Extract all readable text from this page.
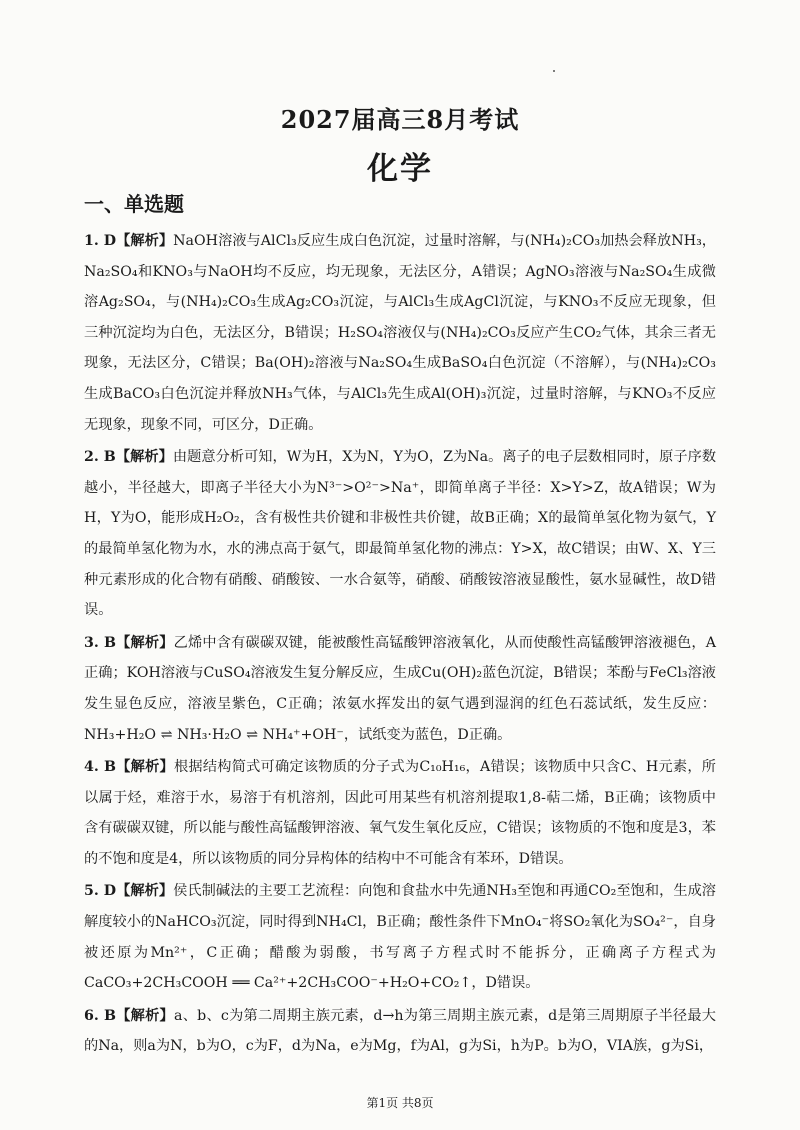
2027届高三8月考试
化学
一、单选题

1. D【解析】NaOH溶液与AlCl₃反应生成白色沉淀，过量时溶解，与(NH₄)₂CO₃加热会释放NH₃，Na₂SO₄和KNO₃与NaOH均不反应，均无现象，无法区分，A错误；AgNO₃溶液与Na₂SO₄生成微溶Ag₂SO₄，与(NH₄)₂CO₃生成Ag₂CO₃沉淀，与AlCl₃生成AgCl沉淀，与KNO₃不反应无现象，但三种沉淀均为白色，无法区分，B错误；H₂SO₄溶液仅与(NH₄)₂CO₃反应产生CO₂气体，其余三者无现象，无法区分，C错误；Ba(OH)₂溶液与Na₂SO₄生成BaSO₄白色沉淀（不溶解），与(NH₄)₂CO₃生成BaCO₃白色沉淀并释放NH₃气体，与AlCl₃先生成Al(OH)₃沉淀，过量时溶解，与KNO₃不反应无现象，现象不同，可区分，D正确。

2. B【解析】由题意分析可知，W为H，X为N，Y为O，Z为Na。离子的电子层数相同时，原子序数越小，半径越大，即离子半径大小为N³⁻>O²⁻>Na⁺，即简单离子半径：X>Y>Z，故A错误；W为H，Y为O，能形成H₂O₂，含有极性共价键和非极性共价键，故B正确；X的最简单氢化物为氨气，Y的最简单氢化物为水，水的沸点高于氨气，即最简单氢化物的沸点：Y>X，故C错误；由W、X、Y三种元素形成的化合物有硝酸、硝酸铵、一水合氨等，硝酸、硝酸铵溶液显酸性，氨水显碱性，故D错误。

3. B【解析】乙烯中含有碳碳双键，能被酸性高锰酸钾溶液氧化，从而使酸性高锰酸钾溶液褪色，A正确；KOH溶液与CuSO₄溶液发生复分解反应，生成Cu(OH)₂蓝色沉淀，B错误；苯酚与FeCl₃溶液发生显色反应，溶液呈紫色，C正确；浓氨水挥发出的氨气遇到湿润的红色石蕊试纸，发生反应：NH₃+H₂O ⇌ NH₃·H₂O ⇌ NH₄⁺+OH⁻，试纸变为蓝色，D正确。

4. B【解析】根据结构简式可确定该物质的分子式为C₁₀H₁₆，A错误；该物质中只含C、H元素，所以属于烃，难溶于水，易溶于有机溶剂，因此可用某些有机溶剂提取1,8-萜二烯，B正确；该物质中含有碳碳双键，所以能与酸性高锰酸钾溶液、氧气发生氧化反应，C错误；该物质的不饱和度是3，苯的不饱和度是4，所以该物质的同分异构体的结构中不可能含有苯环，D错误。

5. D【解析】侯氏制碱法的主要工艺流程：向饱和食盐水中先通NH₃至饱和再通CO₂至饱和，生成溶解度较小的NaHCO₃沉淀，同时得到NH₄Cl，B正确；酸性条件下MnO₄⁻将SO₂氧化为SO₄²⁻，自身被还原为Mn²⁺，C正确；醋酸为弱酸，书写离子方程式时不能拆分，正确离子方程式为CaCO₃+2CH₃COOH ══ Ca²⁺+2CH₃COO⁻+H₂O+CO₂↑，D错误。

6. B【解析】a、b、c为第二周期主族元素，d→h为第三周期主族元素，d是第三周期原子半径最大的Na，则a为N，b为O，c为F，d为Na，e为Mg，f为Al，g为Si，h为P。b为O，VIA族，g为Si，

第1页 共8页
